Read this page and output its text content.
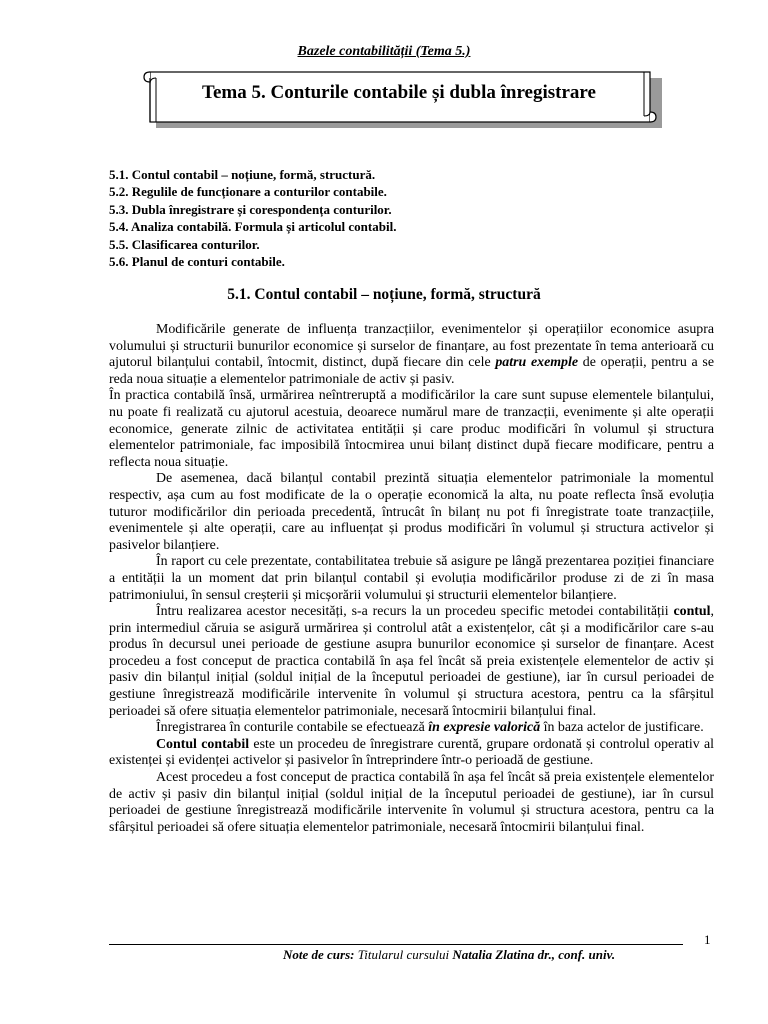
Bazele contabilității (Tema 5.)
Tema 5. Conturile contabile și dubla înregistrare
5.1. Contul contabil – noțiune, formă, structură.
5.2. Regulile de funcționare a conturilor contabile.
5.3. Dubla înregistrare și corespondența conturilor.
5.4. Analiza contabilă. Formula și articolul contabil.
5.5. Clasificarea conturilor.
5.6. Planul de conturi contabile.
5.1. Contul contabil – noțiune, formă, structură

Modificările generate de influența tranzacțiilor, evenimentelor și operațiilor economice asupra volumului și structurii bunurilor economice și surselor de finanțare, au fost prezentate în tema anterioară cu ajutorul bilanțului contabil, întocmit, distinct, după fiecare din cele patru exemple de operații, pentru a se reda noua situație a elementelor patrimoniale de activ și pasiv.

În practica contabilă însă, urmărirea neîntreruptă a modificărilor la care sunt supuse elementele bilanțului, nu poate fi realizată cu ajutorul acestuia, deoarece numărul mare de tranzacții, evenimente și alte operații economice, generate zilnic de activitatea entității și care produc modificări în volumul și structura elementelor patrimoniale, fac imposibilă întocmirea unui bilanț distinct după fiecare modificare, pentru a reflecta noua situație.

De asemenea, dacă bilanțul contabil prezintă situația elementelor patrimoniale la momentul respectiv, așa cum au fost modificate de la o operație economică la alta, nu poate reflecta însă evoluția tuturor modificărilor din perioada precedentă, întrucât în bilanț nu pot fi înregistrate toate tranzacțiile, evenimentele și alte operații, care au influențat și produs modificări în volumul și structura activelor și pasivelor bilanțiere.

În raport cu cele prezentate, contabilitatea trebuie să asigure pe lângă prezentarea poziției financiare a entității la un moment dat prin bilanțul contabil și evoluția modificărilor produse zi de zi în masa patrimoniului, în sensul creșterii și micșorării volumului și structurii elementelor bilanțiere.

Întru realizarea acestor necesități, s-a recurs la un procedeu specific metodei contabilității contul, prin intermediul căruia se asigură urmărirea și controlul atât a existențelor, cât și a modificărilor care s-au produs în decursul unei perioade de gestiune asupra bunurilor economice și surselor de finanțare. Acest procedeu a fost conceput de practica contabilă în așa fel încât să preia existențele elementelor de activ și pasiv din bilanțul inițial (soldul inițial de la începutul perioadei de gestiune), iar în cursul perioadei de gestiune înregistrează modificările intervenite în volumul și structura acestora, pentru ca la sfârșitul perioadei să ofere situația elementelor patrimoniale, necesară întocmirii bilanțului final.

Înregistrarea în conturile contabile se efectuează în expresie valorică în baza actelor de justificare.

Contul contabil este un procedeu de înregistrare curentă, grupare ordonată și controlul operativ al existenței și evidenței activelor și pasivelor în întreprindere într-o perioadă de gestiune.

Acest procedeu a fost conceput de practica contabilă în așa fel încât să preia existențele elementelor de activ și pasiv din bilanțul inițial (soldul inițial de la începutul perioadei de gestiune), iar în cursul perioadei de gestiune înregistrează modificările intervenite în volumul și structura acestora, pentru ca la sfârșitul perioadei să ofere situația elementelor patrimoniale, necesară întocmirii bilanțului final.

1
Note de curs: Titularul cursului Natalia Zlatina dr., conf. univ.
